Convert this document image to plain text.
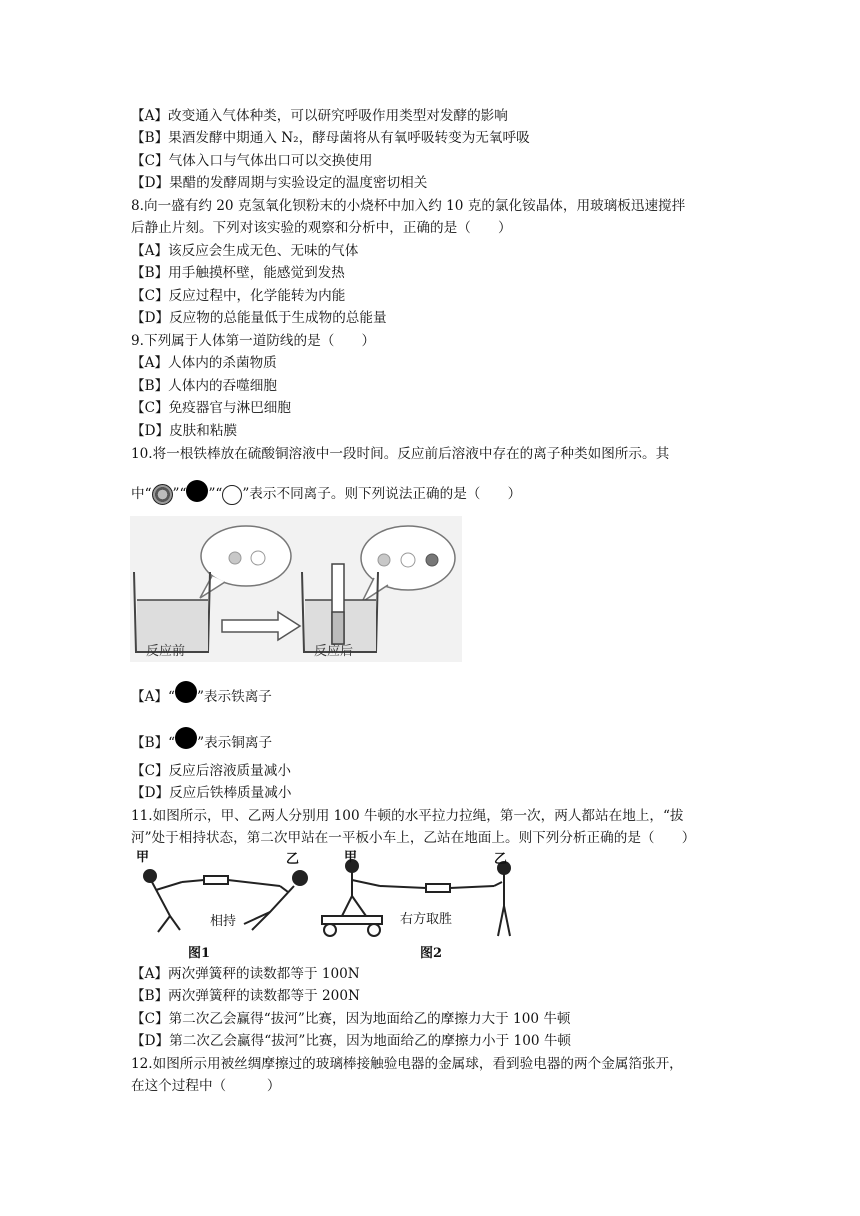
【A】改变通入气体种类，可以研究呼吸作用类型对发酵的影响
【B】果酒发酵中期通入 N₂，酵母菌将从有氧呼吸转变为无氧呼吸
【C】气体入口与气体出口可以交换使用
【D】果醋的发酵周期与实验设定的温度密切相关
8.向一盛有约 20 克氢氧化钡粉末的小烧杯中加入约 10 克的氯化铵晶体，用玻璃板迅速搅拌
后静止片刻。下列对该实验的观察和分析中，正确的是（　　）
【A】该反应会生成无色、无味的气体
【B】用手触摸杯壁，能感觉到发热
【C】反应过程中，化学能转为内能
【D】反应物的总能量低于生成物的总能量
9.下列属于人体第一道防线的是（　　）
【A】人体内的杀菌物质
【B】人体内的吞噬细胞
【C】免疫器官与淋巴细胞
【D】皮肤和粘膜
10.将一根铁棒放在硫酸铜溶液中一段时间。反应前后溶液中存在的离子种类如图所示。其
中“ ”“ ”“ ”表示不同离子。则下列说法正确的是（　　）
反应前	反应后
【A】“ ”表示铁离子
【B】“ ”表示铜离子
【C】反应后溶液质量减小
【D】反应后铁棒质量减小
11.如图所示，甲、乙两人分别用 100 牛顿的水平拉力拉绳，第一次，两人都站在地上，“拔
河”处于相持状态，第二次甲站在一平板小车上，乙站在地面上。则下列分析正确的是（　　）
甲	乙
相持
图1
甲	乙
右方取胜
图2
【A】两次弹簧秤的读数都等于 100N
【B】两次弹簧秤的读数都等于 200N
【C】第二次乙会赢得“拔河”比赛，因为地面给乙的摩擦力大于 100 牛顿
【D】第二次乙会赢得“拔河”比赛，因为地面给乙的摩擦力小于 100 牛顿
12.如图所示用被丝绸摩擦过的玻璃棒接触验电器的金属球，看到验电器的两个金属箔张开，
在这个过程中（　　　）
